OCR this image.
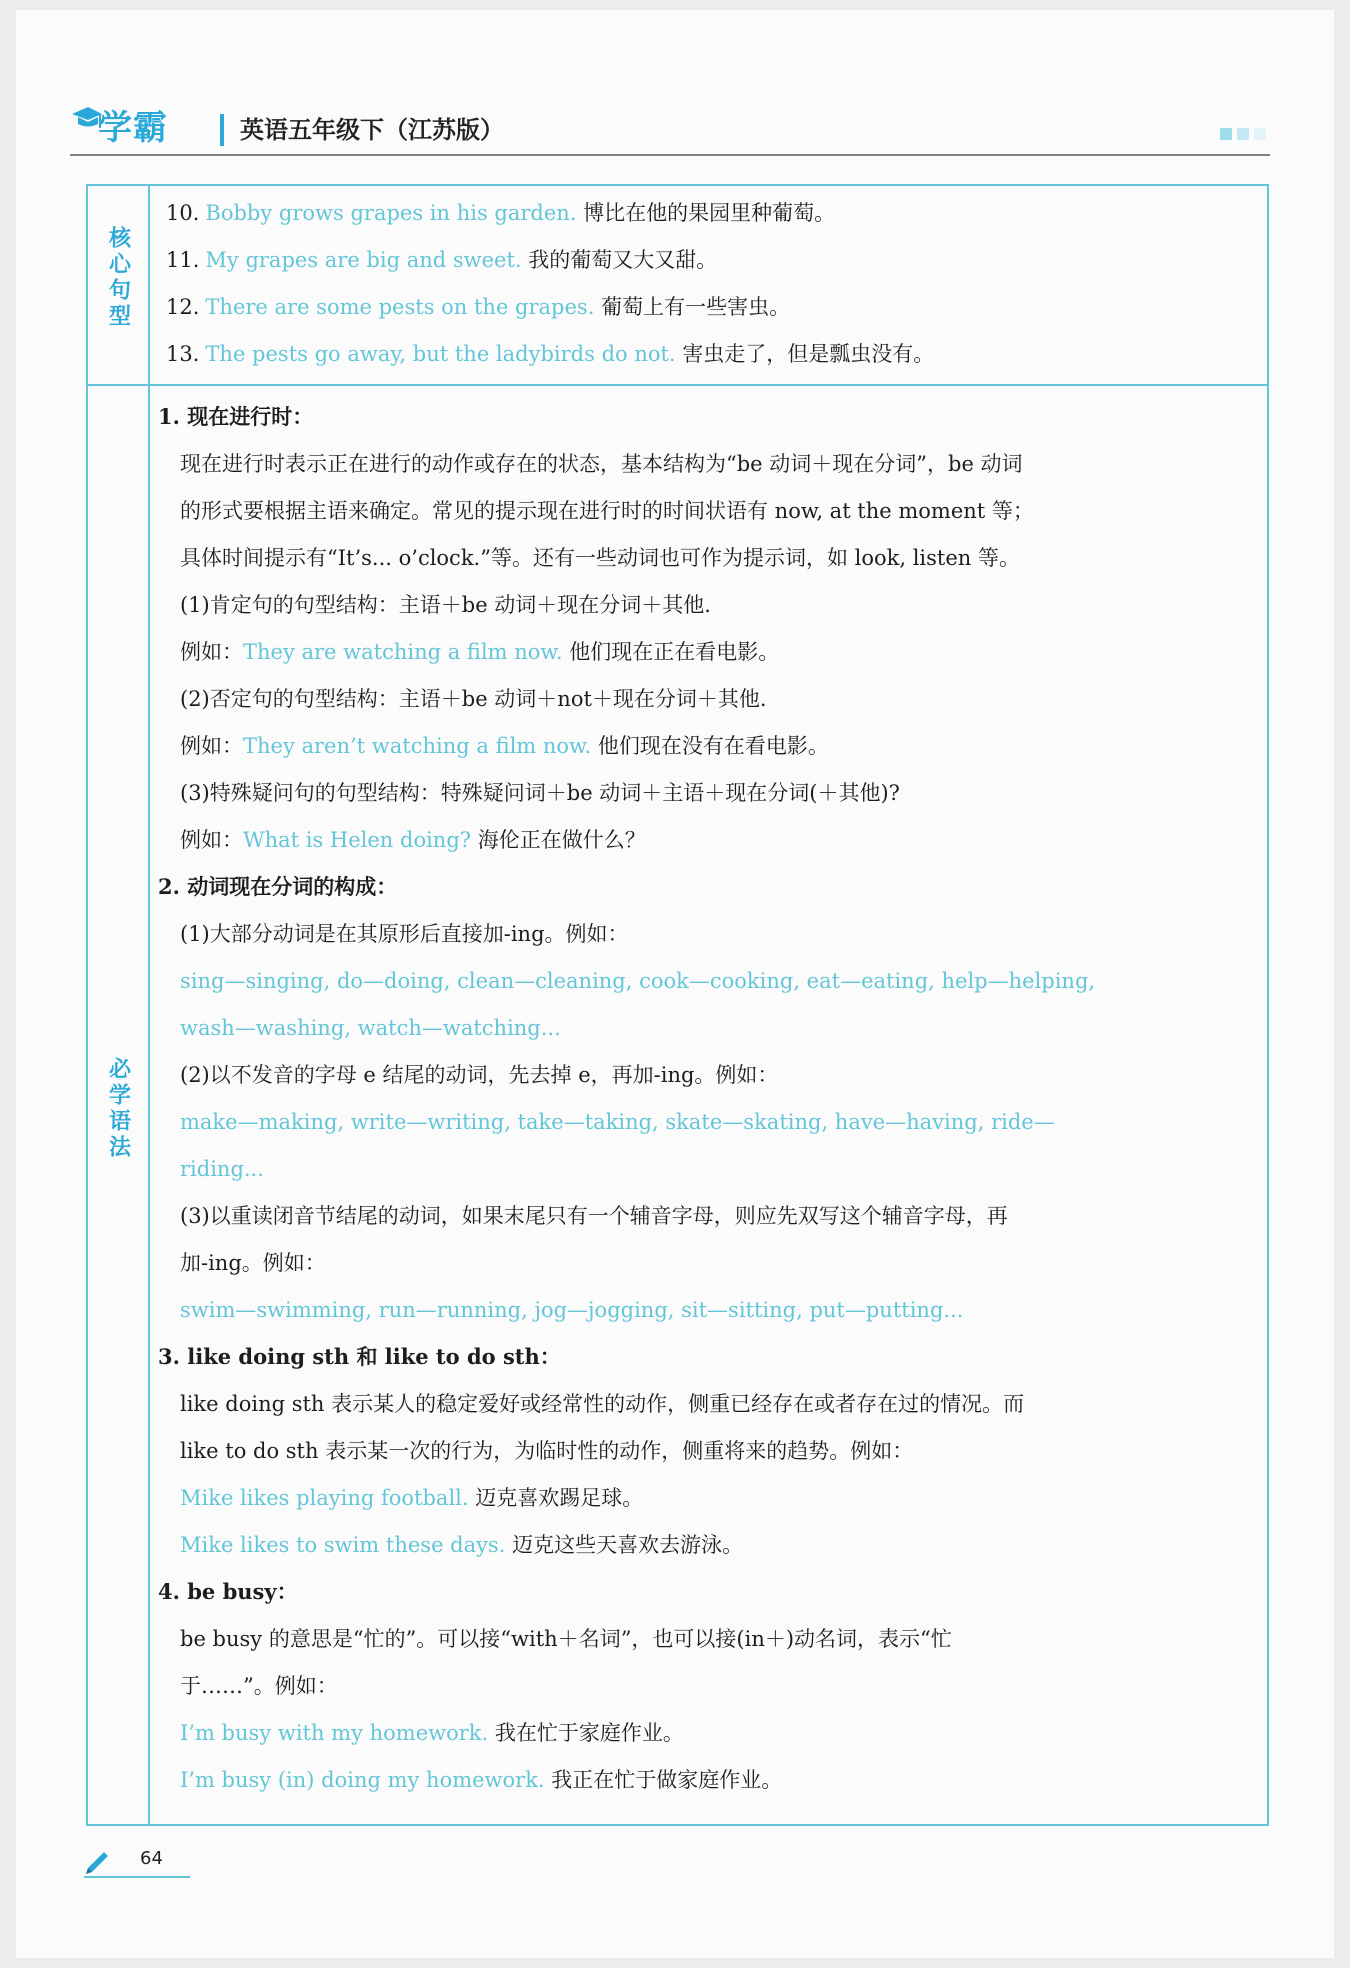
学霸	英语五年级下（江苏版）
核心句型
10. Bobby grows grapes in his garden. 博比在他的果园里种葡萄。
11. My grapes are big and sweet. 我的葡萄又大又甜。
12. There are some pests on the grapes. 葡萄上有一些害虫。
13. The pests go away, but the ladybirds do not. 害虫走了，但是瓢虫没有。
必学语法
1. 现在进行时：
现在进行时表示正在进行的动作或存在的状态，基本结构为“be 动词＋现在分词”，be 动词
的形式要根据主语来确定。常见的提示现在进行时的时间状语有 now, at the moment 等；
具体时间提示有“It’s... o’clock.”等。还有一些动词也可作为提示词，如 look, listen 等。
(1)肯定句的句型结构：主语＋be 动词＋现在分词＋其他.
例如：They are watching a film now. 他们现在正在看电影。
(2)否定句的句型结构：主语＋be 动词＋not＋现在分词＋其他.
例如：They aren’t watching a film now. 他们现在没有在看电影。
(3)特殊疑问句的句型结构：特殊疑问词＋be 动词＋主语＋现在分词(＋其他)?
例如：What is Helen doing? 海伦正在做什么？
2. 动词现在分词的构成：
(1)大部分动词是在其原形后直接加-ing。例如：
sing—singing, do—doing, clean—cleaning, cook—cooking, eat—eating, help—helping,
wash—washing, watch—watching...
(2)以不发音的字母 e 结尾的动词，先去掉 e，再加-ing。例如：
make—making, write—writing, take—taking, skate—skating, have—having, ride—
riding...
(3)以重读闭音节结尾的动词，如果末尾只有一个辅音字母，则应先双写这个辅音字母，再
加-ing。例如：
swim—swimming, run—running, jog—jogging, sit—sitting, put—putting...
3. like doing sth 和 like to do sth：
like doing sth 表示某人的稳定爱好或经常性的动作，侧重已经存在或者存在过的情况。而
like to do sth 表示某一次的行为，为临时性的动作，侧重将来的趋势。例如：
Mike likes playing football. 迈克喜欢踢足球。
Mike likes to swim these days. 迈克这些天喜欢去游泳。
4. be busy：
be busy 的意思是“忙的”。可以接“with＋名词”，也可以接(in＋)动名词，表示“忙
于……”。例如：
I’m busy with my homework. 我在忙于家庭作业。
I’m busy (in) doing my homework. 我正在忙于做家庭作业。
64
